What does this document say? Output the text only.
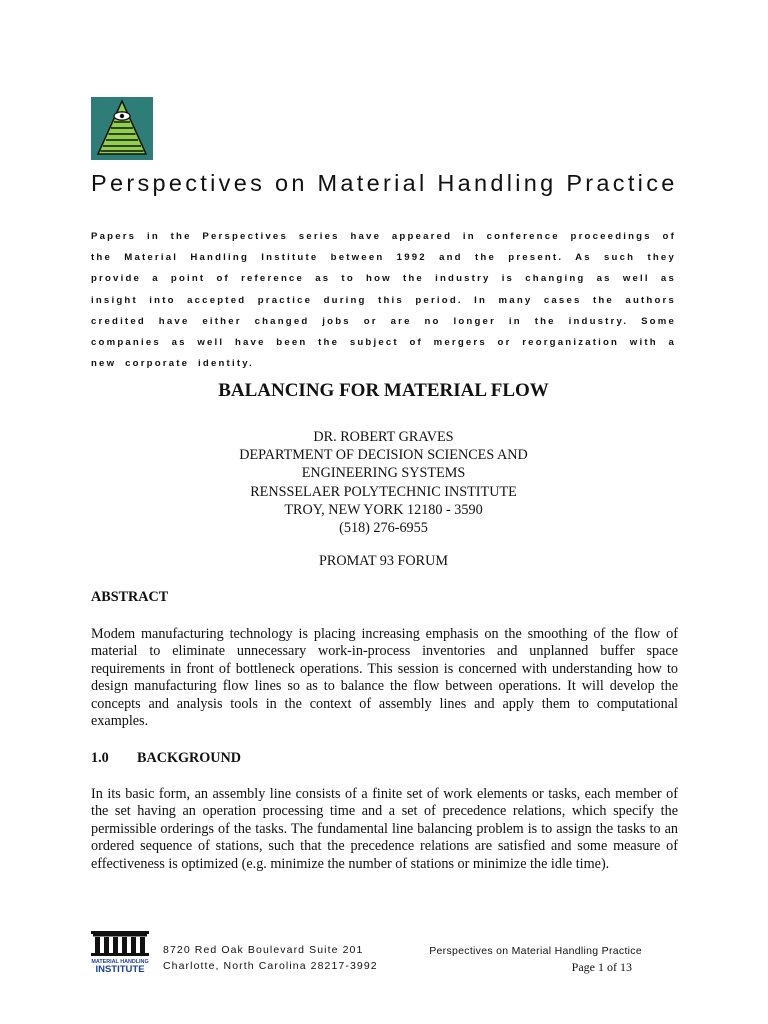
Perspectives on Material Handling Practice
Papers in the Perspectives series have appeared in conference proceedings of the Material Handling Institute between 1992 and the present. As such they provide a point of reference as to how the industry is changing as well as insight into accepted practice during this period. In many cases the authors credited have either changed jobs or are no longer in the industry. Some companies as well have been the subject of mergers or reorganization with a new corporate identity.
BALANCING FOR MATERIAL FLOW
DR. ROBERT GRAVES
DEPARTMENT OF DECISION SCIENCES AND
ENGINEERING SYSTEMS
RENSSELAER POLYTECHNIC INSTITUTE
TROY, NEW YORK 12180 - 3590
(518) 276-6955
PROMAT 93 FORUM
ABSTRACT
Modem manufacturing technology is placing increasing emphasis on the smoothing of the flow of material to eliminate unnecessary work-in-process inventories and unplanned buffer space requirements in front of bottleneck operations. This session is concerned with understanding how to design manufacturing flow lines so as to balance the flow between operations. It will develop the concepts and analysis tools in the context of assembly lines and apply them to computational examples.
1.0 BACKGROUND
In its basic form, an assembly line consists of a finite set of work elements or tasks, each member of the set having an operation processing time and a set of precedence relations, which specify the permissible orderings of the tasks. The fundamental line balancing problem is to assign the tasks to an ordered sequence of stations, such that the precedence relations are satisfied and some measure of effectiveness is optimized (e.g. minimize the number of stations or minimize the idle time).
MATERIAL HANDLING
INSTITUTE
8720 Red Oak Boulevard Suite 201
Charlotte, North Carolina 28217-3992
Perspectives on Material Handling Practice
Page 1 of 13
